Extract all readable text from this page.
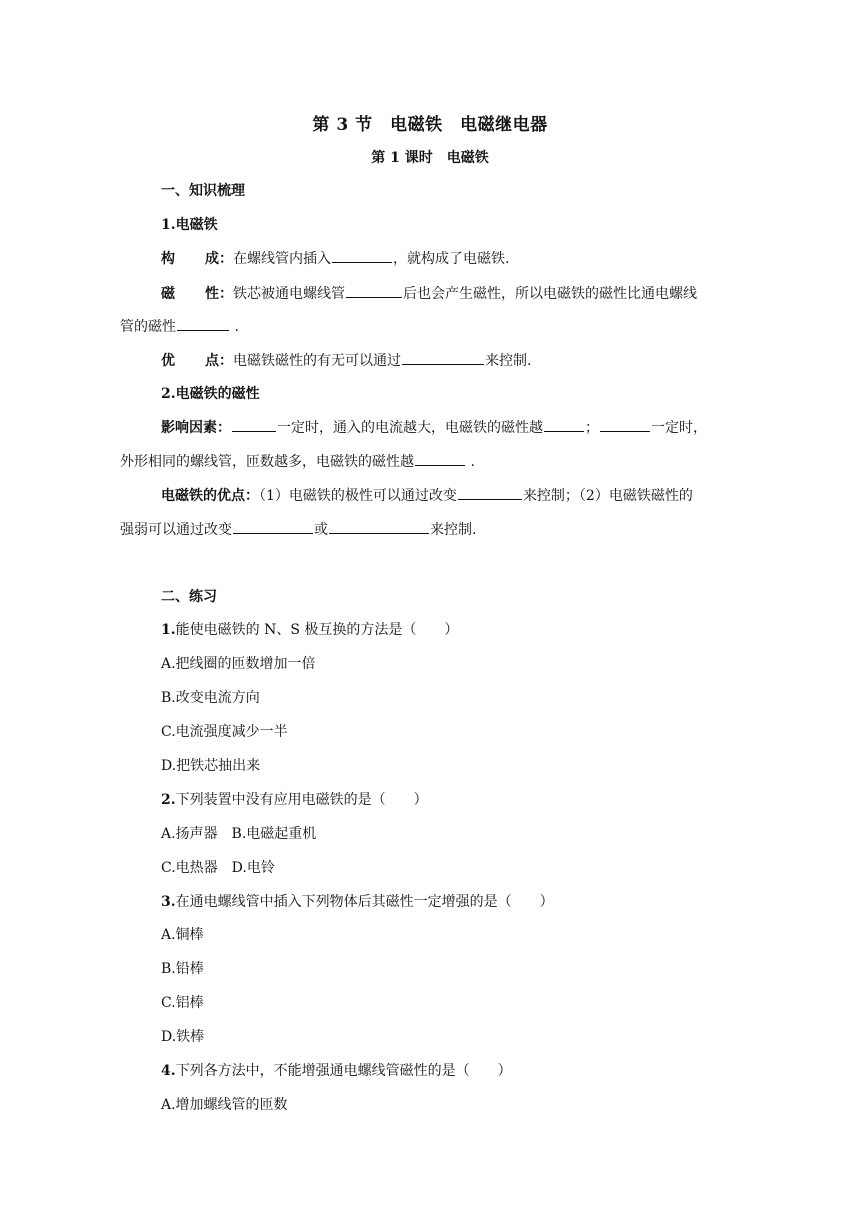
第 3 节　电磁铁　电磁继电器
第 1 课时　电磁铁
一、知识梳理
1.电磁铁
构 成：在螺线管内插入	，就构成了电磁铁.
磁 性：铁芯被通电螺线管	后也会产生磁性，所以电磁铁的磁性比通电螺线
管的磁性	.
优 点：电磁铁磁性的有无可以通过	来控制.
2.电磁铁的磁性
影响因素：	一定时，通入的电流越大，电磁铁的磁性越	；	一定时，
外形相同的螺线管，匝数越多，电磁铁的磁性越	.
电磁铁的优点：（1）电磁铁的极性可以通过改变	来控制；（2）电磁铁磁性的
强弱可以通过改变	或	来控制.
二、练习
1.能使电磁铁的 N、S 极互换的方法是（　　）
A.把线圈的匝数增加一倍
B.改变电流方向
C.电流强度减少一半
D.把铁芯抽出来
2.下列装置中没有应用电磁铁的是（　　）
A.扬声器　B.电磁起重机
C.电热器　D.电铃
3.在通电螺线管中插入下列物体后其磁性一定增强的是（　　）
A.铜棒
B.铅棒
C.铝棒
D.铁棒
4.下列各方法中，不能增强通电螺线管磁性的是（　　）
A.增加螺线管的匝数
